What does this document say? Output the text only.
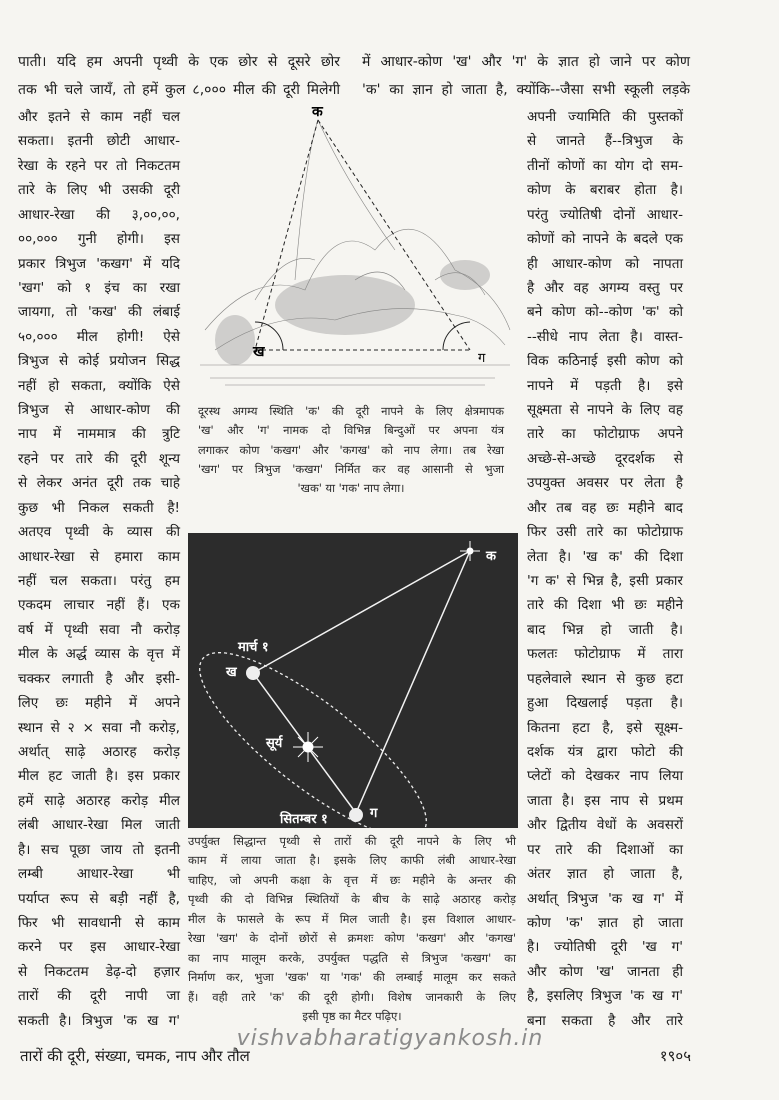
पाती। यदि हम अपनी पृथ्वी के एक छोर से दूसरे छोर
तक भी चले जायँ, तो हमें कुल ८,००० मील की दूरी मिलेगी
में आधार-कोण 'ख' और 'ग' के ज्ञात हो जाने पर कोण
'क' का ज्ञान हो जाता है, क्योंकि--जैसा सभी स्कूली लड़के
और इतने से काम नहीं चल
सकता। इतनी छोटी आधार-
रेखा के रहने पर तो निकटतम
तारे के लिए भी उसकी दूरी
आधार-रेखा की ३,००,००,
००,००० गुनी होगी। इस
प्रकार त्रिभुज 'कखग' में यदि
'खग' को १ इंच का रखा
जायगा, तो 'कख' की लंबाई
५०,००० मील होगी! ऐसे
त्रिभुज से कोई प्रयोजन सिद्ध
नहीं हो सकता, क्योंकि ऐसे
त्रिभुज से आधार-कोण की
नाप में नाममात्र की त्रुटि
रहने पर तारे की दूरी शून्य
से लेकर अनंत दूरी तक चाहे
कुछ भी निकल सकती है!
अतएव पृथ्वी के व्यास की
आधार-रेखा से हमारा काम
नहीं चल सकता। परंतु हम
एकदम लाचार नहीं हैं। एक
वर्ष में पृथ्वी सवा नौ करोड़
मील के अर्द्ध व्यास के वृत्त में
चक्कर लगाती है और इसी-
लिए छः महीने में अपने
स्थान से २ × सवा नौ करोड़,
अर्थात् साढ़े अठारह करोड़
मील हट जाती है। इस प्रकार
हमें साढ़े अठारह करोड़ मील
लंबी आधार-रेखा मिल जाती
है। सच पूछा जाय तो इतनी
लम्बी आधार-रेखा भी
पर्याप्त रूप से बड़ी नहीं है,
फिर भी सावधानी से काम
करने पर इस आधार-रेखा
से निकटतम डेढ़-दो हज़ार
तारों की दूरी नापी जा
सकती है। त्रिभुज 'क ख ग'
अपनी ज्यामिति की पुस्तकों
से जानते हैं--त्रिभुज के
तीनों कोणों का योग दो सम-
कोण के बराबर होता है।
परंतु ज्योतिषी दोनों आधार-
कोणों को नापने के बदले एक
ही आधार-कोण को नापता
है और वह अगम्य वस्तु पर
बने कोण को--कोण 'क' को
--सीधे नाप लेता है। वास्त-
विक कठिनाई इसी कोण को
नापने में पड़ती है। इसे
सूक्ष्मता से नापने के लिए वह
तारे का फोटोग्राफ अपने
अच्छे-से-अच्छे दूरदर्शक से
उपयुक्त अवसर पर लेता है
और तब वह छः महीने बाद
फिर उसी तारे का फोटोग्राफ
लेता है। 'ख क' की दिशा
'ग क' से भिन्न है, इसी प्रकार
तारे की दिशा भी छः महीने
बाद भिन्न हो जाती है।
फलतः फोटोग्राफ में तारा
पहलेवाले स्थान से कुछ हटा
हुआ दिखलाई पड़ता है।
कितना हटा है, इसे सूक्ष्म-
दर्शक यंत्र द्वारा फोटो की
प्लेटों को देखकर नाप लिया
जाता है। इस नाप से प्रथम
और द्वितीय वेधों के अवसरों
पर तारे की दिशाओं का
अंतर ज्ञात हो जाता है,
अर्थात् त्रिभुज 'क ख ग' में
कोण 'क' ज्ञात हो जाता
है। ज्योतिषी दूरी 'ख ग'
और कोण 'ख' जानता ही
है, इसलिए त्रिभुज 'क ख ग'
बना सकता है और तारे
क
ख	ग
दूरस्थ अगम्य स्थिति 'क' की दूरी नापने के लिए क्षेत्रमापक
'ख' और 'ग' नामक दो विभिन्न बिन्दुओं पर अपना यंत्र
लगाकर कोण 'कखग' और 'कगख' को नाप लेगा। तब रेखा
'खग' पर त्रिभुज 'कखग' निर्मित कर वह आसानी से भुजा
'खक' या 'गक' नाप लेगा।
क
ख
मार्च १
सूर्य
सितम्बर १	ग
उपर्युक्त सिद्धान्त पृथ्वी से तारों की दूरी नापने के लिए भी
काम में लाया जाता है। इसके लिए काफी लंबी आधार-रेखा
चाहिए, जो अपनी कक्षा के वृत्त में छः महीने के अन्तर की
पृथ्वी की दो विभिन्न स्थितियों के बीच के साढ़े अठारह करोड़
मील के फासले के रूप में मिल जाती है। इस विशाल आधार-
रेखा 'खग' के दोनों छोरों से क्रमशः कोण 'कखग' और 'कगख'
का नाप मालूम करके, उपर्युक्त पद्धति से त्रिभुज 'कखग' का
निर्माण कर, भुजा 'खक' या 'गक' की लम्बाई मालूम कर सकते
हैं। वही तारे 'क' की दूरी होगी। विशेष जानकारी के लिए
इसी पृष्ठ का मैटर पढ़िए।
vishvabharatigyankosh.in
तारों की दूरी, संख्या, चमक, नाप और तौल	१९०५
